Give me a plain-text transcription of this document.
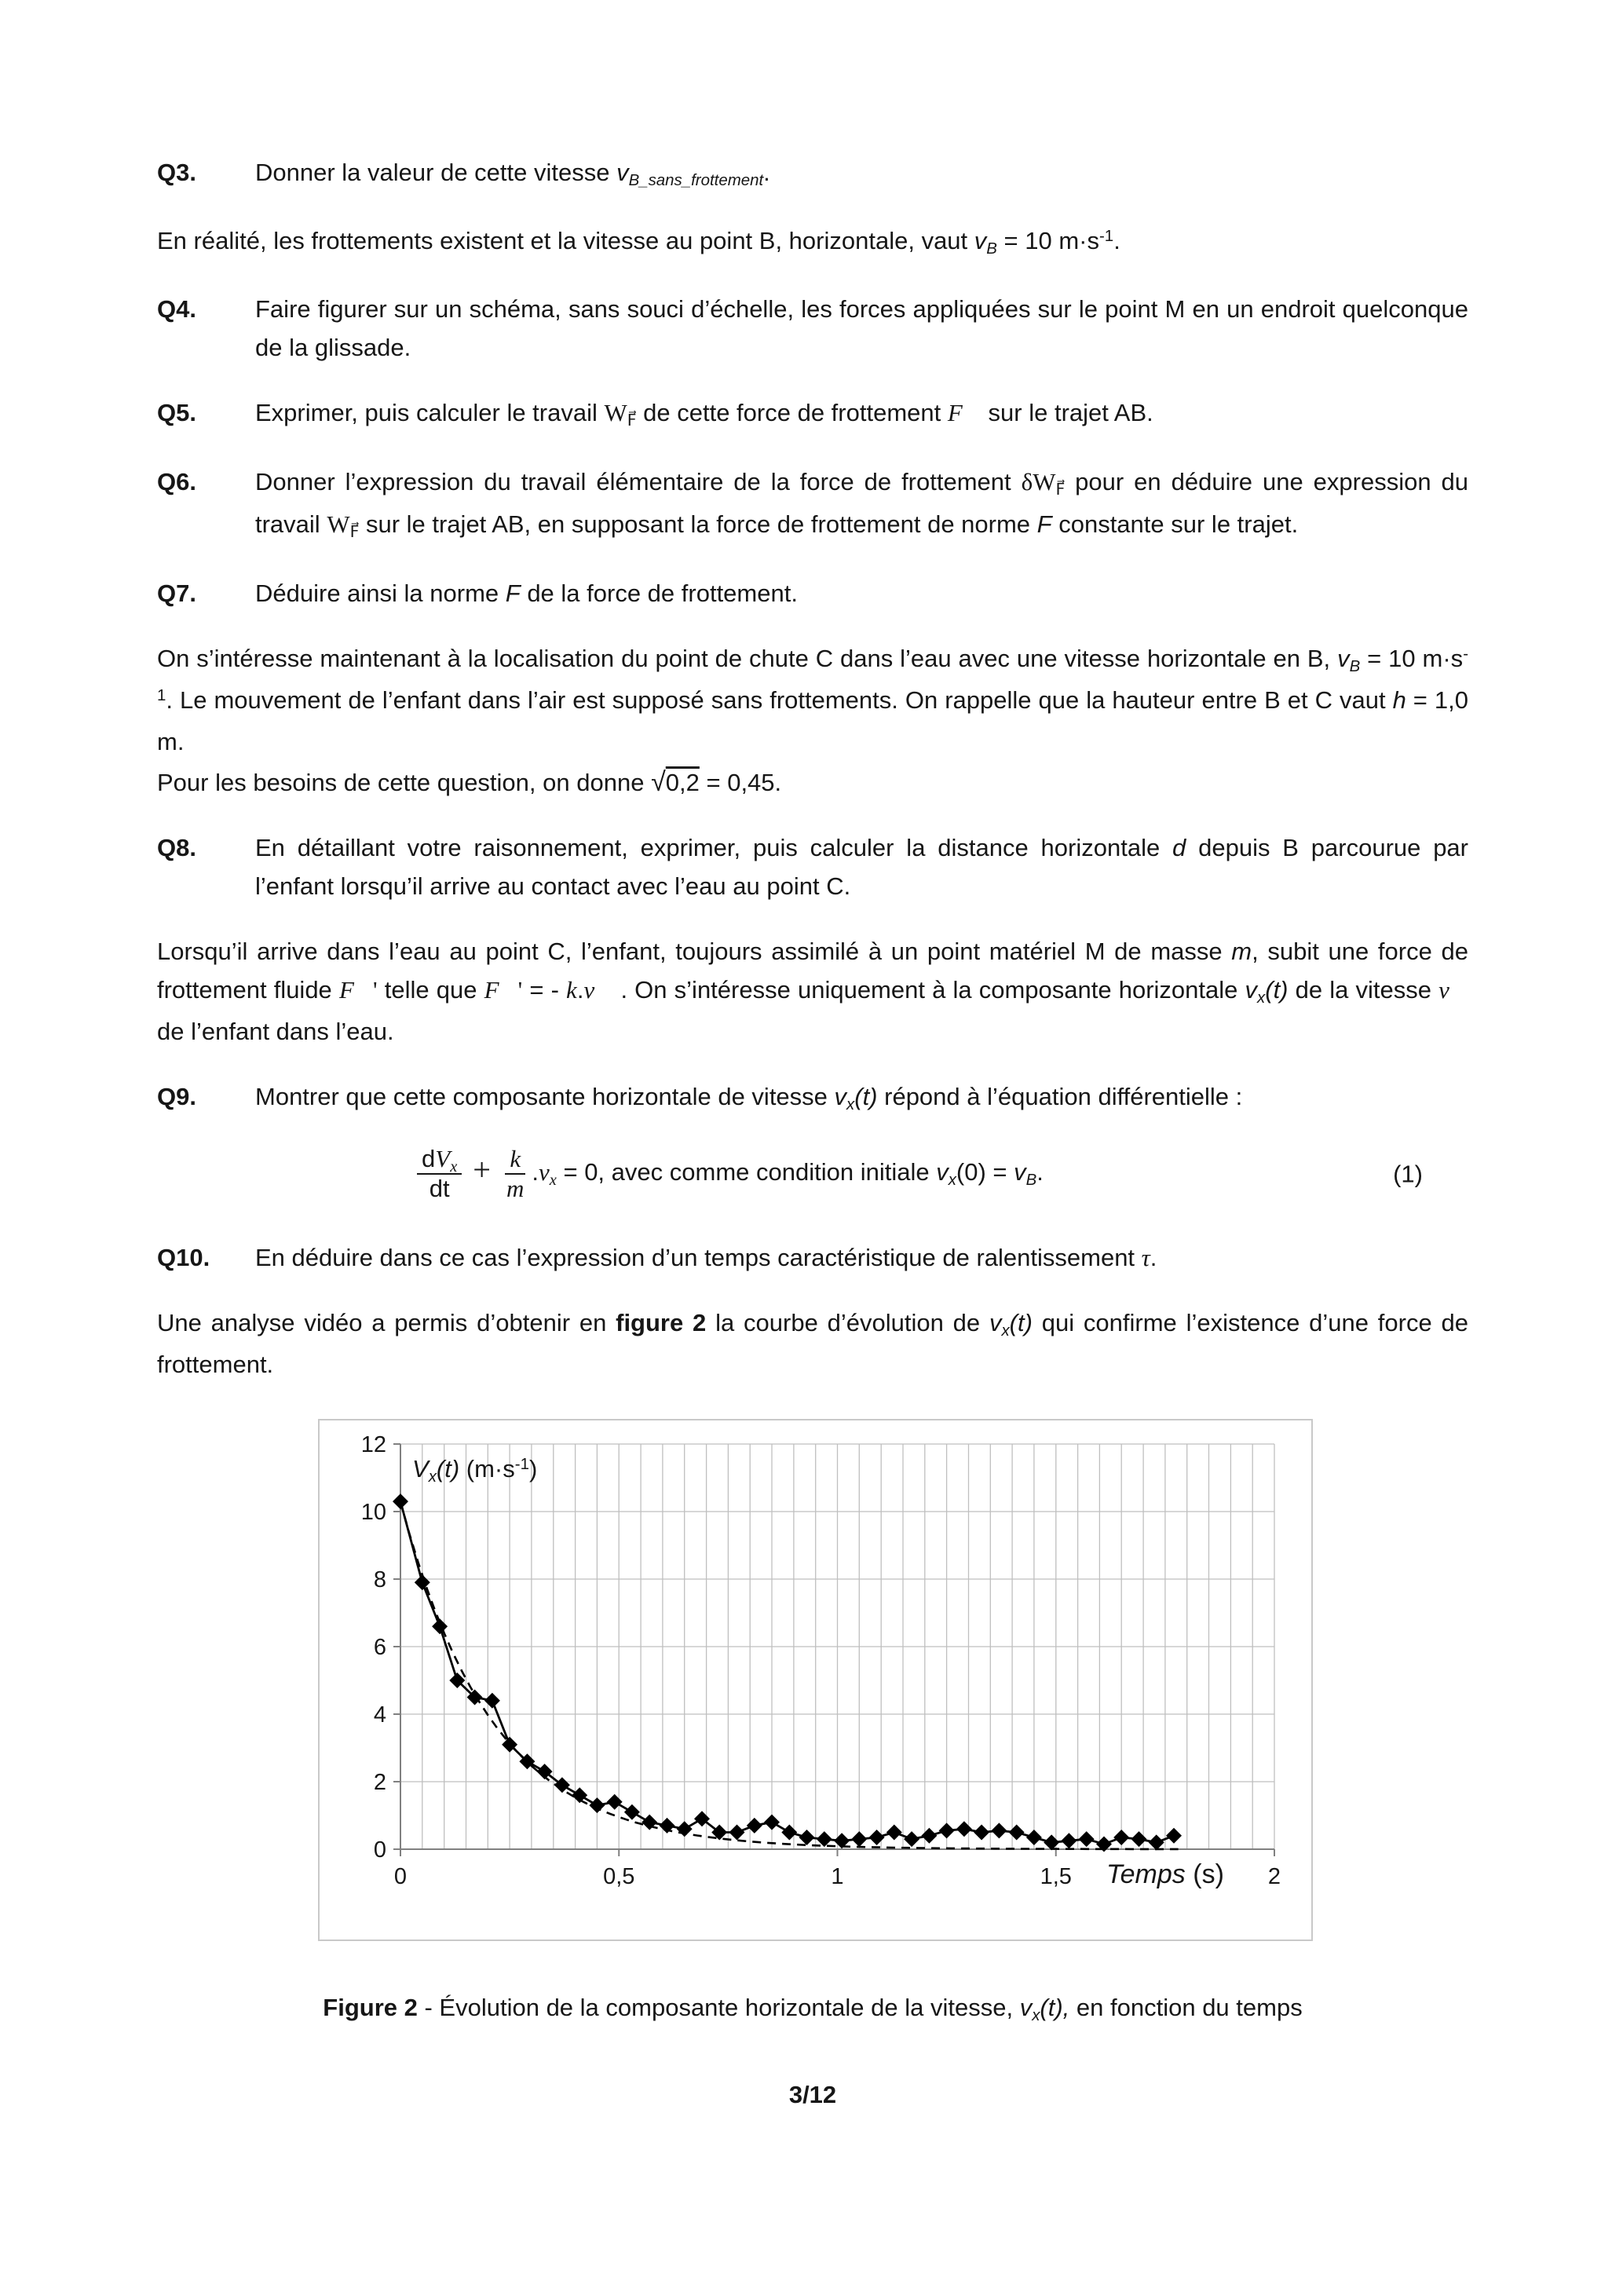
Q3.	Donner la valeur de cette vitesse vB_sans_frottement.

En réalité, les frottements existent et la vitesse au point B, horizontale, vaut vB = 10 $m\cdot s^{-1}$.

Q4.	Faire figurer sur un schéma, sans souci d’échelle, les forces appliquées sur le point M en un endroit quelconque de la glissade.
Q5.	Exprimer, puis calculer le travail WF⃗ de cette force de frottement F⃗ sur le trajet AB.
Q6.	Donner l’expression du travail élémentaire de la force de frottement δWF⃗ pour en déduire une expression du travail WF⃗ sur le trajet AB, en supposant la force de frottement de norme F constante sur le trajet.
Q7.	Déduire ainsi la norme F de la force de frottement.

On s’intéresse maintenant à la localisation du point de chute C dans l’eau avec une vitesse horizontale en B, vB = 10 $m\cdot s^{-1}$. Le mouvement de l’enfant dans l’air est supposé sans frottements. On rappelle que la hauteur entre B et C vaut h = 1,0 m.

Pour les besoins de cette question, on donne √0,2 = 0,45.

Q8.	En détaillant votre raisonnement, exprimer, puis calculer la distance horizontale d depuis B parcourue par l’enfant lorsqu’il arrive au contact avec l’eau au point C.

Lorsqu’il arrive dans l’eau au point C, l’enfant, toujours assimilé à un point matériel M de masse m, subit une force de frottement fluide F⃗' telle que F⃗' = - k.v⃗ . On s’intéresse uniquement à la composante horizontale vx(t) de la vitesse v⃗ de l’enfant dans l’eau.

Q9.	Montrer que cette composante horizontale de vitesse vx(t) répond à l’équation différentielle :
$\frac{\text{dVx}}{dt} + \frac{k}{m} .vx = 0$, avec comme condition initiale vx(0) = vB.	(1)
Q10.	En déduire dans ce cas l’expression d’un temps caractéristique de ralentissement τ.

Une analyse vidéo a permis d’obtenir en figure 2 la courbe d’évolution de vx(t) qui confirme l’existence d’une force de frottement.

0
2
4
6
8
10
12
0	0,5	1	1,5	2
Vx(t) $(m\cdot s^{-1})$
Temps (s)

Figure 2 - Évolution de la composante horizontale de la vitesse, vx(t), en fonction du temps

3/12
